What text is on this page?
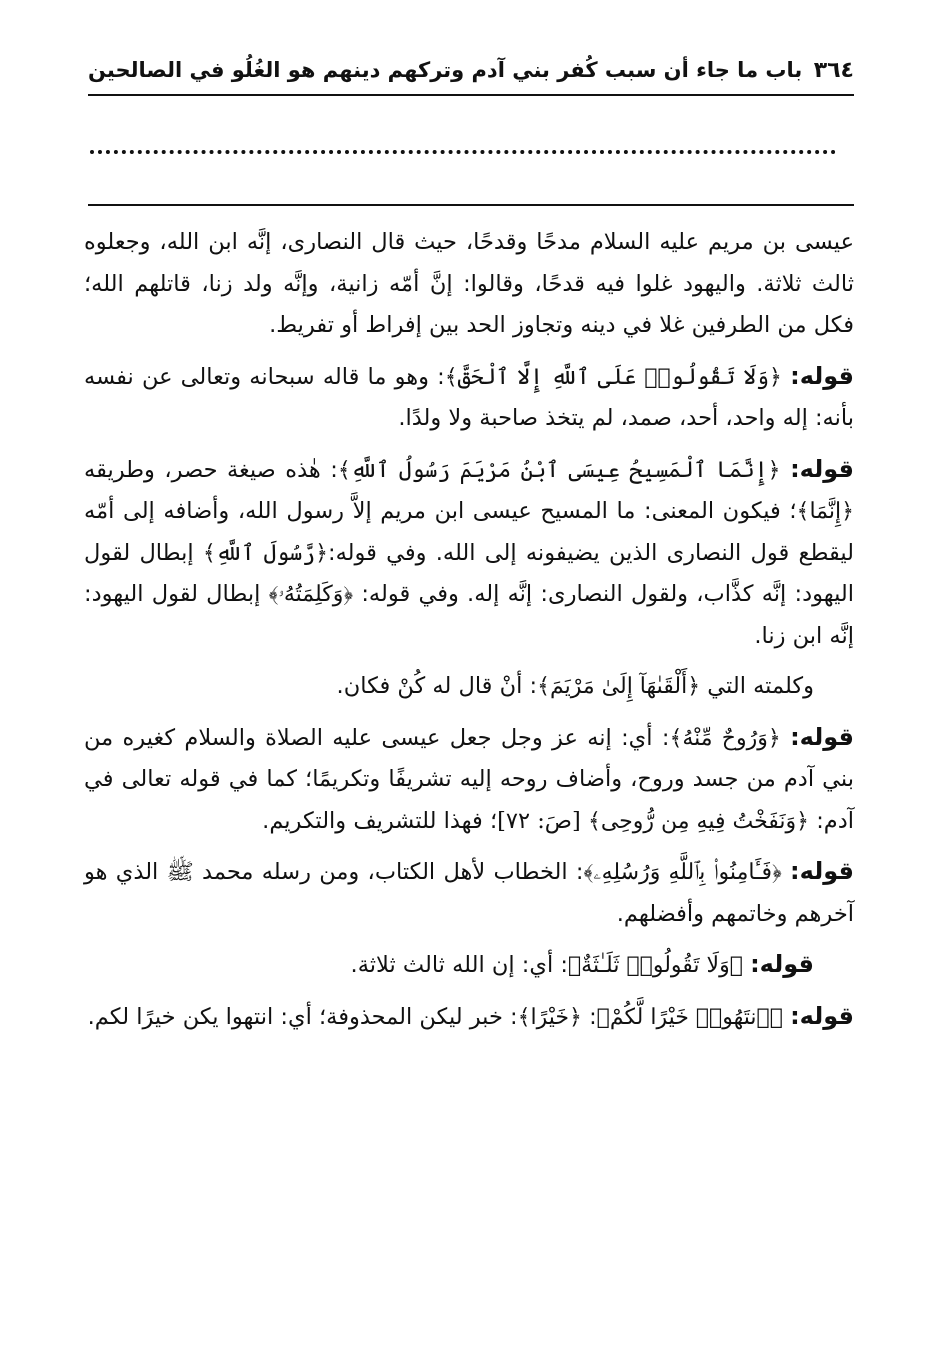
٣٦٤
باب ما جاء أن سبب كُفر بني آدم وتركهم دينهم هو الغُلُو في الصالحين

عيسى بن مريم عليه السلام مدحًا وقدحًا، حيث قال النصارى، إنَّه ابن الله، وجعلوه ثالث ثلاثة. واليهود غلوا فيه قدحًا، وقالوا: إنَّ أمّه زانية، وإنَّه ولد زنا، قاتلهم الله؛ فكل من الطرفين غلا في دينه وتجاوز الحد بين إفراط أو تفريط.

قوله: ﴿وَلَا تَقُولُوا۟ عَلَى ٱللَّهِ إِلَّا ٱلْحَقَّ﴾: وهو ما قاله سبحانه وتعالى عن نفسه بأنه: إله واحد، أحد، صمد، لم يتخذ صاحبة ولا ولدًا.

قوله: ﴿إِنَّمَا ٱلْمَسِيحُ عِيسَى ٱبْنُ مَرْيَمَ رَسُولُ ٱللَّهِ﴾: هٰذه صيغة حصر، وطريقه ﴿إِنَّمَا﴾؛ فيكون المعنى: ما المسيح عيسى ابن مريم إلاَّ رسول الله، وأضافه إلى أمّه ليقطع قول النصارى الذين يضيفونه إلى الله. وفي قوله:﴿رَّسُولَ ٱللَّهِ﴾ إبطال لقول اليهود: إنَّه كذَّاب، ولقول النصارى: إنَّه إله. وفي قوله: ﴿وَكَلِمَتُهُۥ﴾ إبطال لقول اليهود: إنَّه ابن زنا.

وكلمته التي ﴿أَلْقَىٰهَآ إِلَىٰ مَرْيَمَ﴾: أنْ قال له كُنْ فكان.

قوله: ﴿وَرُوحٌ مِّنْهُ﴾: أي: إنه عز وجل جعل عيسى عليه الصلاة والسلام كغيره من بني آدم من جسد وروح، وأضاف روحه إليه تشريفًا وتكريمًا؛ كما في قوله تعالى في آدم: ﴿وَنَفَخْتُ فِيهِ مِن رُّوحِى﴾ [صَ: ٧٢]؛ فهذا للتشريف والتكريم.

قوله: ﴿فَـَٔامِنُوا۟ بِٱللَّهِ وَرُسُلِهِۦ﴾: الخطاب لأهل الكتاب، ومن رسله محمد ﷺ الذي هو آخرهم وخاتمهم وأفضلهم.

قوله: ﴿وَلَا تَقُولُوا۟ ثَلَـٰثَةٌ﴾: أي: إن الله ثالث ثلاثة.

قوله: ﴿ٱنتَهُوا۟ خَيْرًا لَّكُمْ﴾: ﴿خَيْرًا﴾: خبر ليكن المحذوفة؛ أي: انتهوا يكن خيرًا لكم.
